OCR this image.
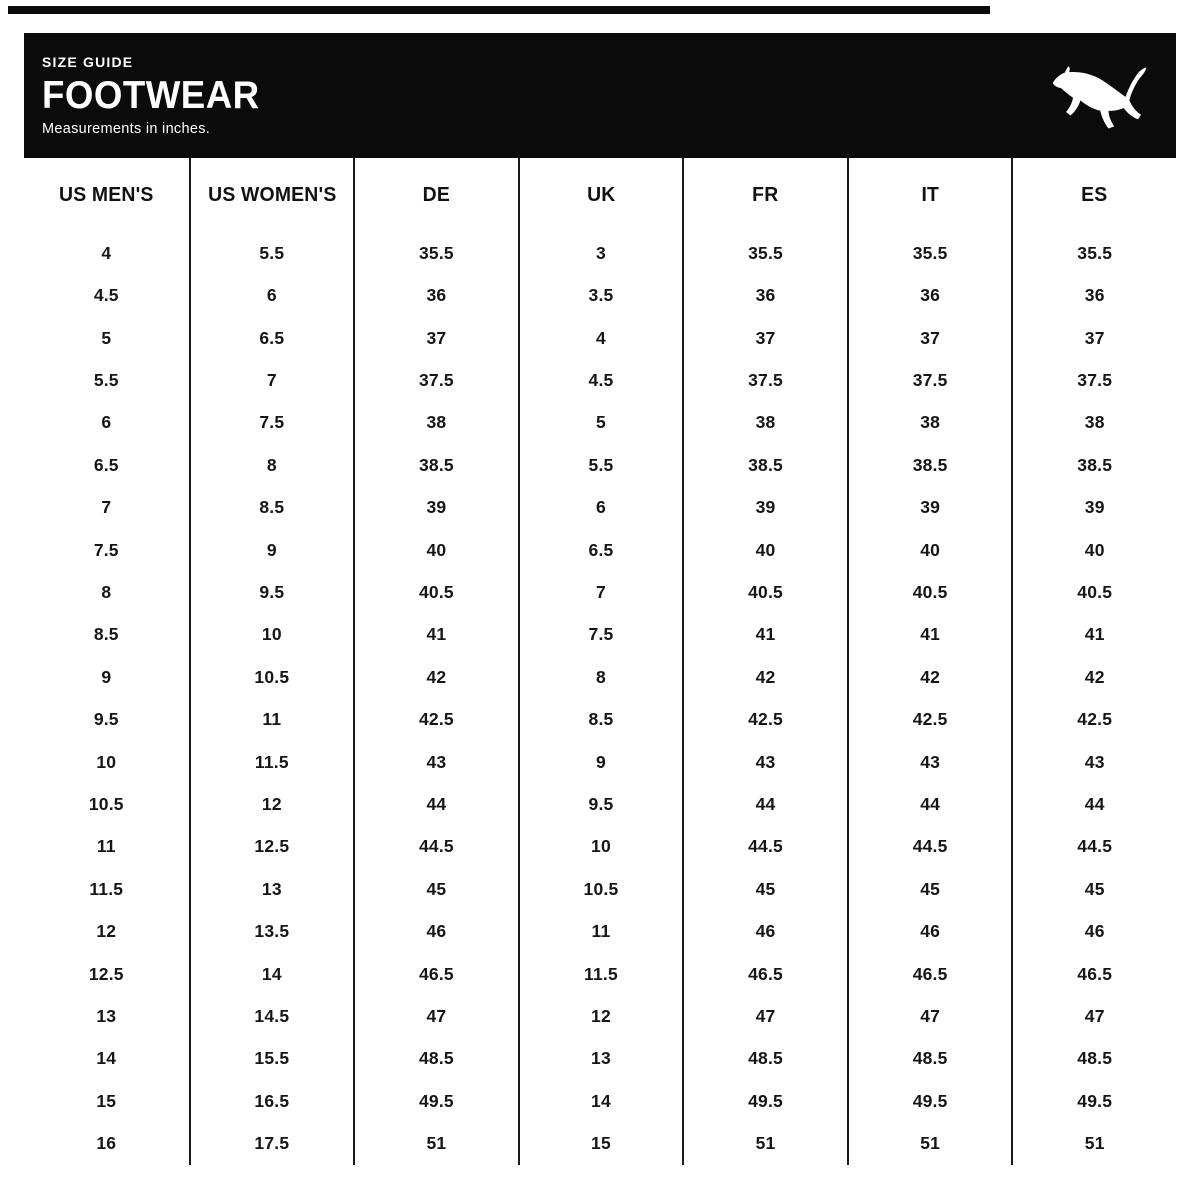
SIZE GUIDE
FOOTWEAR
Measurements in inches.
US MEN'S
4
4.5
5
5.5
6
6.5
7
7.5
8
8.5
9
9.5
10
10.5
11
11.5
12
12.5
13
14
15
16
US WOMEN'S
5.5
6
6.5
7
7.5
8
8.5
9
9.5
10
10.5
11
11.5
12
12.5
13
13.5
14
14.5
15.5
16.5
17.5
DE
35.5
36
37
37.5
38
38.5
39
40
40.5
41
42
42.5
43
44
44.5
45
46
46.5
47
48.5
49.5
51
UK
3
3.5
4
4.5
5
5.5
6
6.5
7
7.5
8
8.5
9
9.5
10
10.5
11
11.5
12
13
14
15
FR
35.5
36
37
37.5
38
38.5
39
40
40.5
41
42
42.5
43
44
44.5
45
46
46.5
47
48.5
49.5
51
IT
35.5
36
37
37.5
38
38.5
39
40
40.5
41
42
42.5
43
44
44.5
45
46
46.5
47
48.5
49.5
51
ES
35.5
36
37
37.5
38
38.5
39
40
40.5
41
42
42.5
43
44
44.5
45
46
46.5
47
48.5
49.5
51
